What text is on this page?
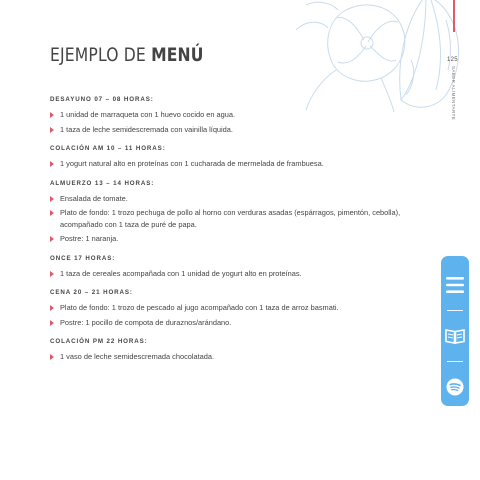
125
SABER ALIMENTARTE
EJEMPLO DE MENÚ
DESAYUNO 07 – 08 HORAS:
1 unidad de marraqueta con 1 huevo cocido en agua.
1 taza de leche semidescremada con vainilla líquida.
COLACIÓN AM 10 – 11 HORAS:
1 yogurt natural alto en proteínas con 1 cucharada de mermelada de frambuesa.
ALMUERZO 13 – 14 HORAS:
Ensalada de tomate.
Plato de fondo: 1 trozo pechuga de pollo al horno con verduras asadas (espárragos, pimentón, cebolla), acompañado con 1 taza de puré de papa.
Postre: 1 naranja.
ONCE 17 HORAS:
1 taza de cereales acompañada con 1 unidad de yogurt alto en proteínas.
CENA 20 – 21 HORAS:
Plato de fondo: 1 trozo de pescado al jugo acompañado con 1 taza de arroz basmati.
Postre: 1 pocillo de compota de duraznos/arándano.
COLACIÓN PM 22 HORAS:
1 vaso de leche semidescremada chocolatada.
